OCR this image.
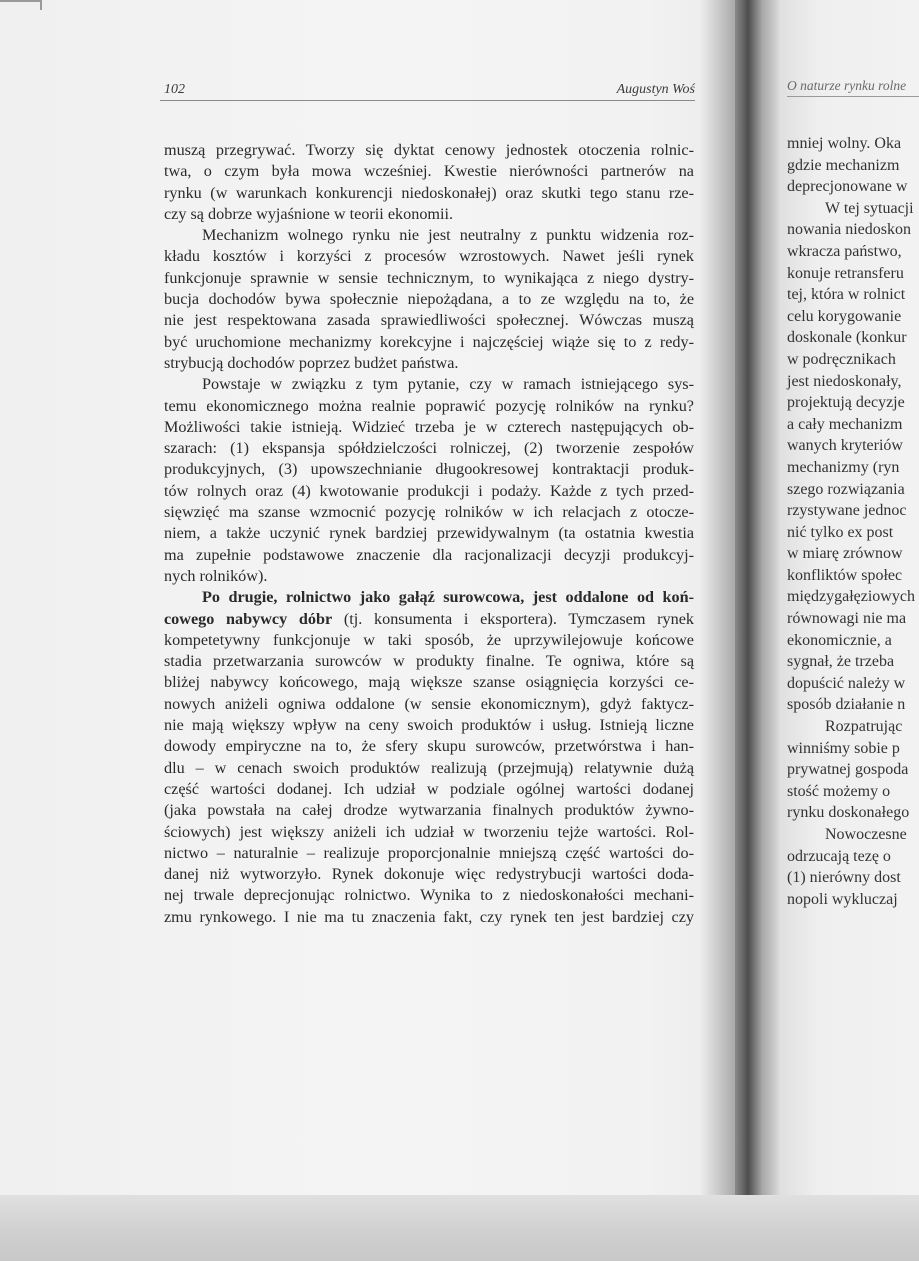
102	Augustyn Woś

muszą przegrywać. Tworzy się dyktat cenowy jednostek otoczenia rolnic-
twa, o czym była mowa wcześniej. Kwestie nierówności partnerów na
rynku (w warunkach konkurencji niedoskonałej) oraz skutki tego stanu rze-
czy są dobrze wyjaśnione w teorii ekonomii.

Mechanizm wolnego rynku nie jest neutralny z punktu widzenia roz-
kładu kosztów i korzyści z procesów wzrostowych. Nawet jeśli rynek
funkcjonuje sprawnie w sensie technicznym, to wynikająca z niego dystry-
bucja dochodów bywa społecznie niepożądana, a to ze względu na to, że
nie jest respektowana zasada sprawiedliwości społecznej. Wówczas muszą
być uruchomione mechanizmy korekcyjne i najczęściej wiąże się to z redy-
strybucją dochodów poprzez budżet państwa.

Powstaje w związku z tym pytanie, czy w ramach istniejącego sys-
temu ekonomicznego można realnie poprawić pozycję rolników na rynku?
Możliwości takie istnieją. Widzieć trzeba je w czterech następujących ob-
szarach: (1) ekspansja spółdzielczości rolniczej, (2) tworzenie zespołów
produkcyjnych, (3) upowszechnianie długookresowej kontraktacji produk-
tów rolnych oraz (4) kwotowanie produkcji i podaży. Każde z tych przed-
sięwzięć ma szanse wzmocnić pozycję rolników w ich relacjach z otocze-
niem, a także uczynić rynek bardziej przewidywalnym (ta ostatnia kwestia
ma zupełnie podstawowe znaczenie dla racjonalizacji decyzji produkcyj-
nych rolników).

Po drugie, rolnictwo jako gałąź surowcowa, jest oddalone od koń-
cowego nabywcy dóbr (tj. konsumenta i eksportera). Tymczasem rynek
kompetetywny funkcjonuje w taki sposób, że uprzywilejowuje końcowe
stadia przetwarzania surowców w produkty finalne. Te ogniwa, które są
bliżej nabywcy końcowego, mają większe szanse osiągnięcia korzyści ce-
nowych aniżeli ogniwa oddalone (w sensie ekonomicznym), gdyż faktycz-
nie mają większy wpływ na ceny swoich produktów i usług. Istnieją liczne
dowody empiryczne na to, że sfery skupu surowców, przetwórstwa i han-
dlu – w cenach swoich produktów realizują (przejmują) relatywnie dużą
część wartości dodanej. Ich udział w podziale ogólnej wartości dodanej
(jaka powstała na całej drodze wytwarzania finalnych produktów żywno-
ściowych) jest większy aniżeli ich udział w tworzeniu tejże wartości. Rol-
nictwo – naturalnie – realizuje proporcjonalnie mniejszą część wartości do-
danej niż wytworzyło. Rynek dokonuje więc redystrybucji wartości doda-
nej trwale deprecjonując rolnictwo. Wynika to z niedoskonałości mechani-
zmu rynkowego. I nie ma tu znaczenia fakt, czy rynek ten jest bardziej czy

O naturze rynku rolne
mniej wolny. Oka
gdzie mechanizm
deprecjonowane w
W tej sytuacji
nowania niedoskon
wkracza państwo,
konuje retransferu
tej, która w rolnict
celu korygowanie
doskonale (konkur
w podręcznikach
jest niedoskonały,
projektują decyzje
a cały mechanizm
wanych kryteriów
mechanizmy (ryn
szego rozwiązania
rzystywane jednoc
nić tylko ex post
w miarę zrównow
konfliktów społec
międzygałęziowych
równowagi nie ma
ekonomicznie, a
sygnał, że trzeba
dopuścić należy w
sposób działanie n
Rozpatrując
winniśmy sobie p
prywatnej gospoda
stość możemy o
rynku doskonałego
Nowoczesne
odrzucają tezę o
(1) nierówny dost
nopoli wykluczaj
